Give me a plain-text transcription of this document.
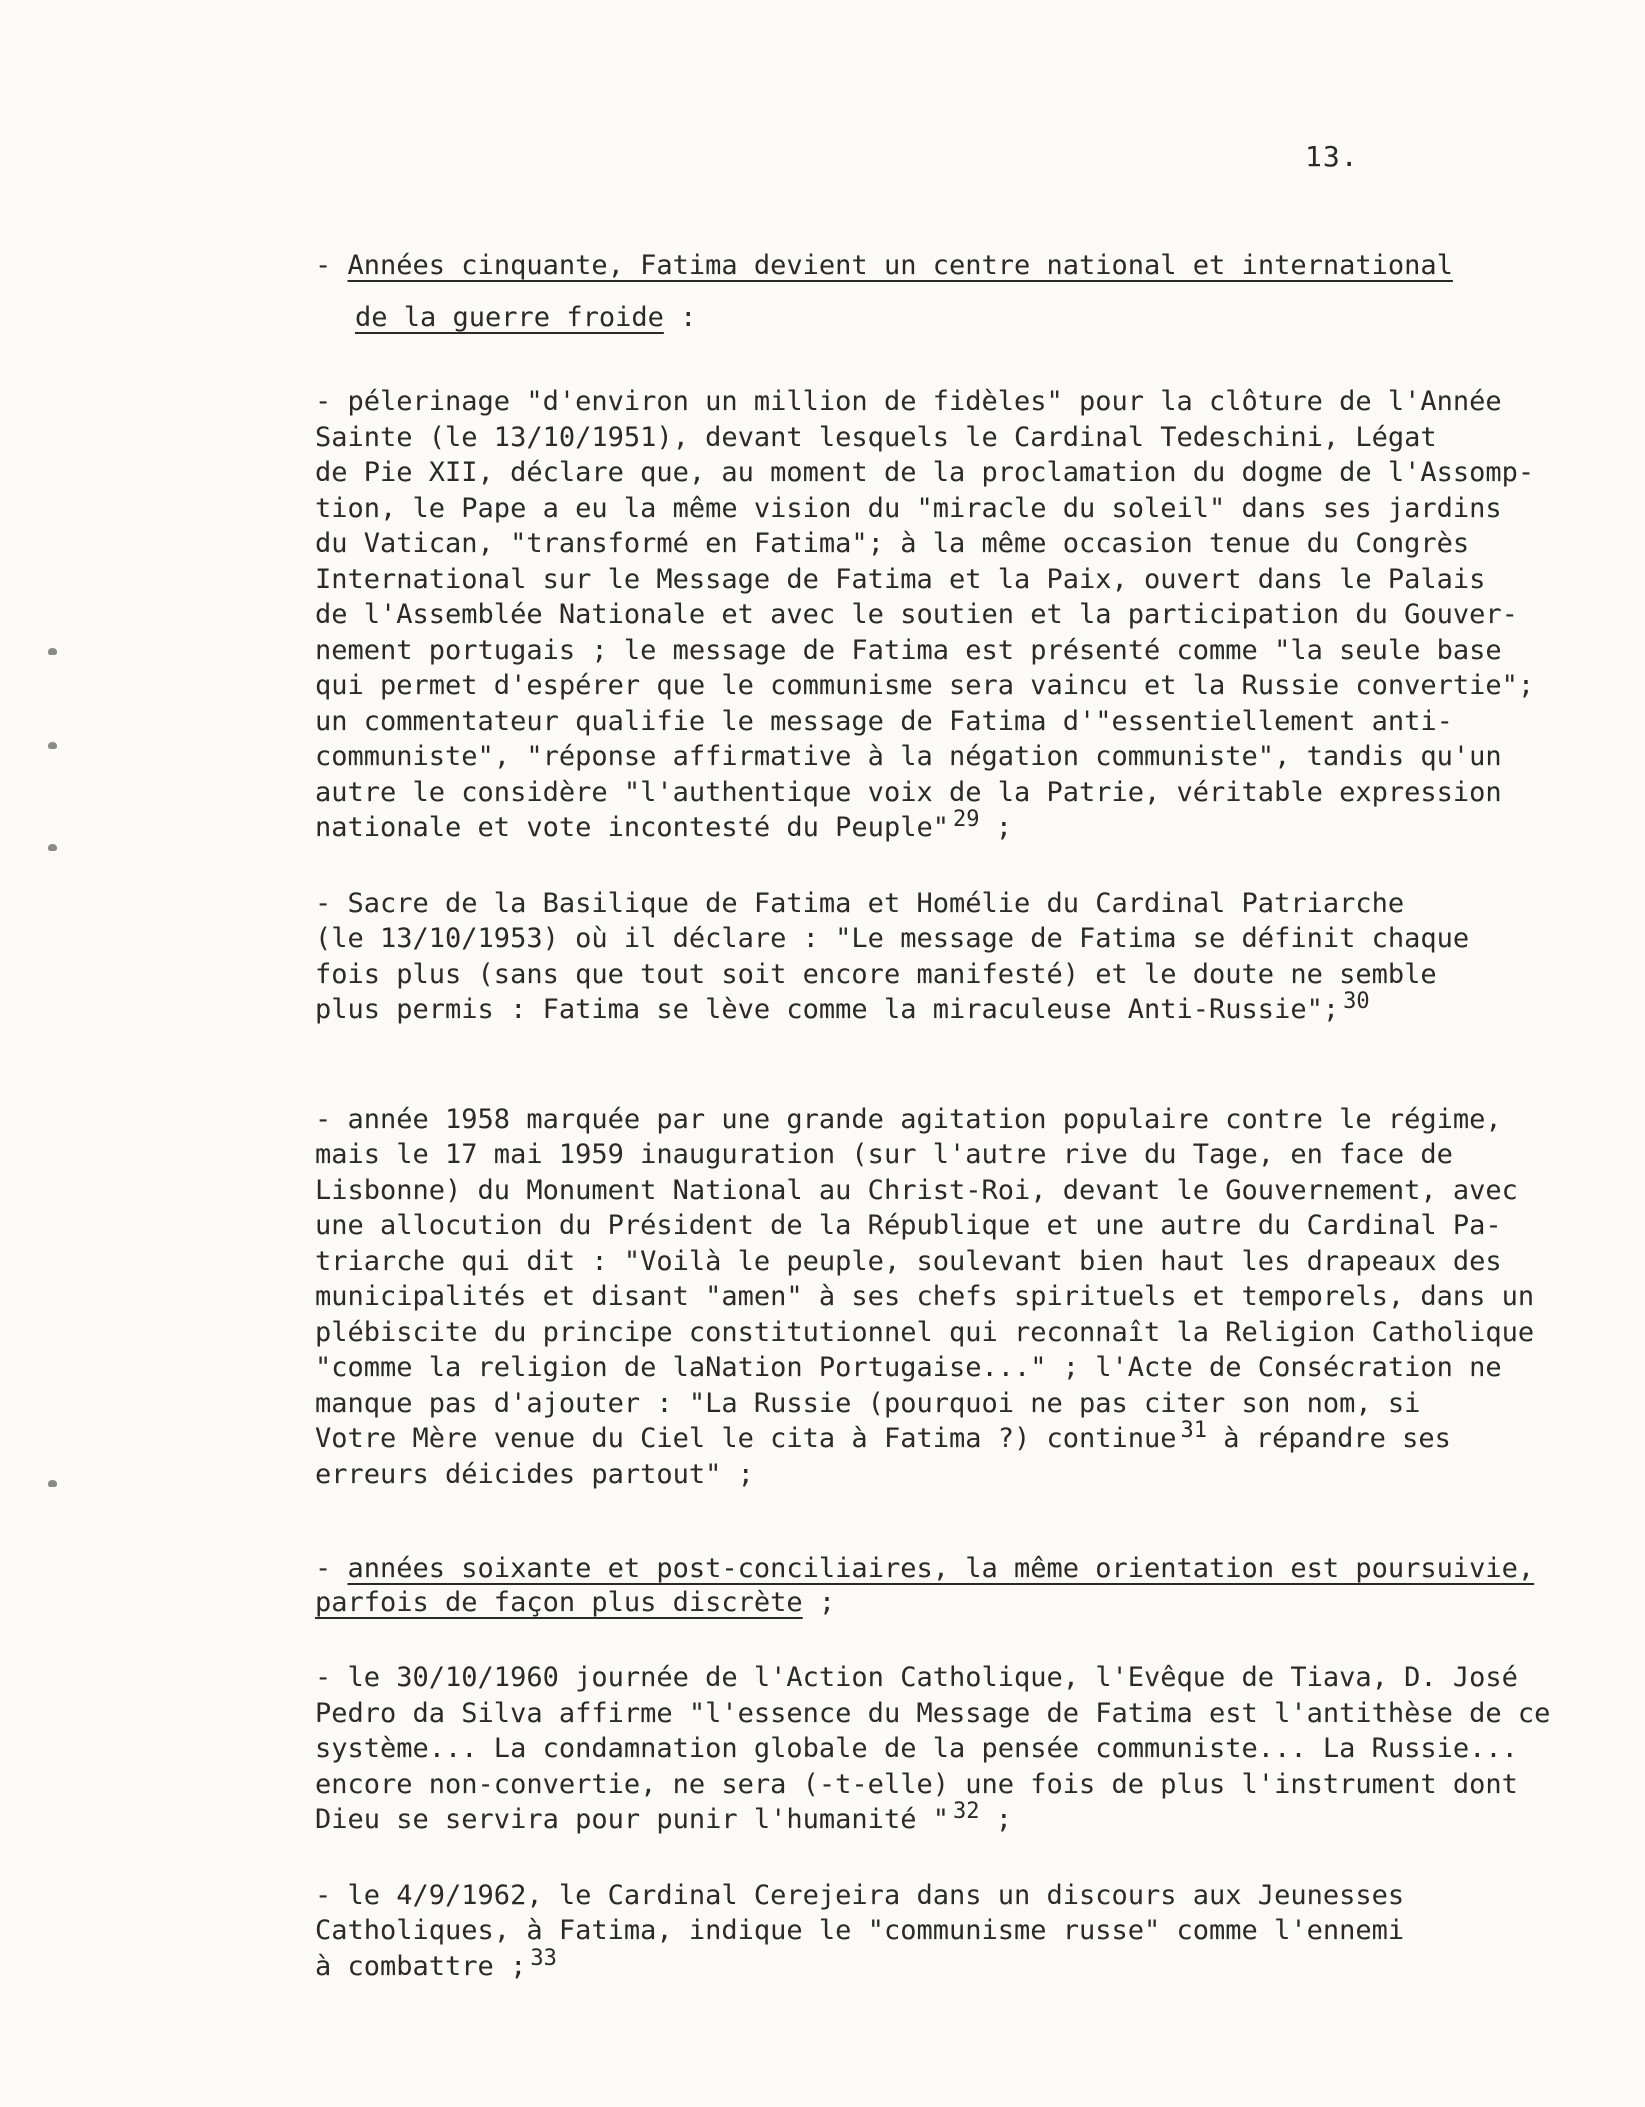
13.
- Années cinquante, Fatima devient un centre national et international
de la guerre froide :
- pélerinage "d'environ un million de fidèles" pour la clôture de l'Année
Sainte (le 13/10/1951), devant lesquels le Cardinal Tedeschini, Légat
de Pie XII, déclare que, au moment de la proclamation du dogme de l'Assomp-
tion, le Pape a eu la même vision du "miracle du soleil" dans ses jardins
du Vatican, "transformé en Fatima"; à la même occasion tenue du Congrès
International sur le Message de Fatima et la Paix, ouvert dans le Palais
de l'Assemblée Nationale et avec le soutien et la participation du Gouver-
nement portugais ; le message de Fatima est présenté comme "la seule base
qui permet d'espérer que le communisme sera vaincu et la Russie convertie";
un commentateur qualifie le message de Fatima d'"essentiellement anti-
communiste", "réponse affirmative à la négation communiste", tandis qu'un
autre le considère "l'authentique voix de la Patrie, véritable expression
nationale et vote incontesté du Peuple" $^{29}$ ;
- Sacre de la Basilique de Fatima et Homélie du Cardinal Patriarche
(le 13/10/1953) où il déclare : "Le message de Fatima se définit chaque
fois plus (sans que tout soit encore manifesté) et le doute ne semble
plus permis : Fatima se lève comme la miraculeuse Anti-Russie"; $^{30}$
- année 1958 marquée par une grande agitation populaire contre le régime,
mais le 17 mai 1959 inauguration (sur l'autre rive du Tage, en face de
Lisbonne) du Monument National au Christ-Roi, devant le Gouvernement, avec
une allocution du Président de la République et une autre du Cardinal Pa-
triarche qui dit : "Voilà le peuple, soulevant bien haut les drapeaux des
municipalités et disant "amen" à ses chefs spirituels et temporels, dans un
plébiscite du principe constitutionnel qui reconnaît la Religion Catholique
"comme la religion de laNation Portugaise..." ; l'Acte de Consécration ne
manque pas d'ajouter : "La Russie (pourquoi ne pas citer son nom, si
Votre Mère venue du Ciel le cita à Fatima ?) continue $^{31}$ à répandre ses
erreurs déicides partout" ;
- années soixante et post-conciliaires, la même orientation est poursuivie,
parfois de façon plus discrète ;
- le 30/10/1960 journée de l'Action Catholique, l'Evêque de Tiava, D. José
Pedro da Silva affirme "l'essence du Message de Fatima est l'antithèse de ce
système... La condamnation globale de la pensée communiste... La Russie...
encore non-convertie, ne sera (-t-elle) une fois de plus l'instrument dont
Dieu se servira pour punir l'humanité " $^{32}$ ;
- le 4/9/1962, le Cardinal Cerejeira dans un discours aux Jeunesses
Catholiques, à Fatima, indique le "communisme russe" comme l'ennemi
à combattre ; $^{33}$
